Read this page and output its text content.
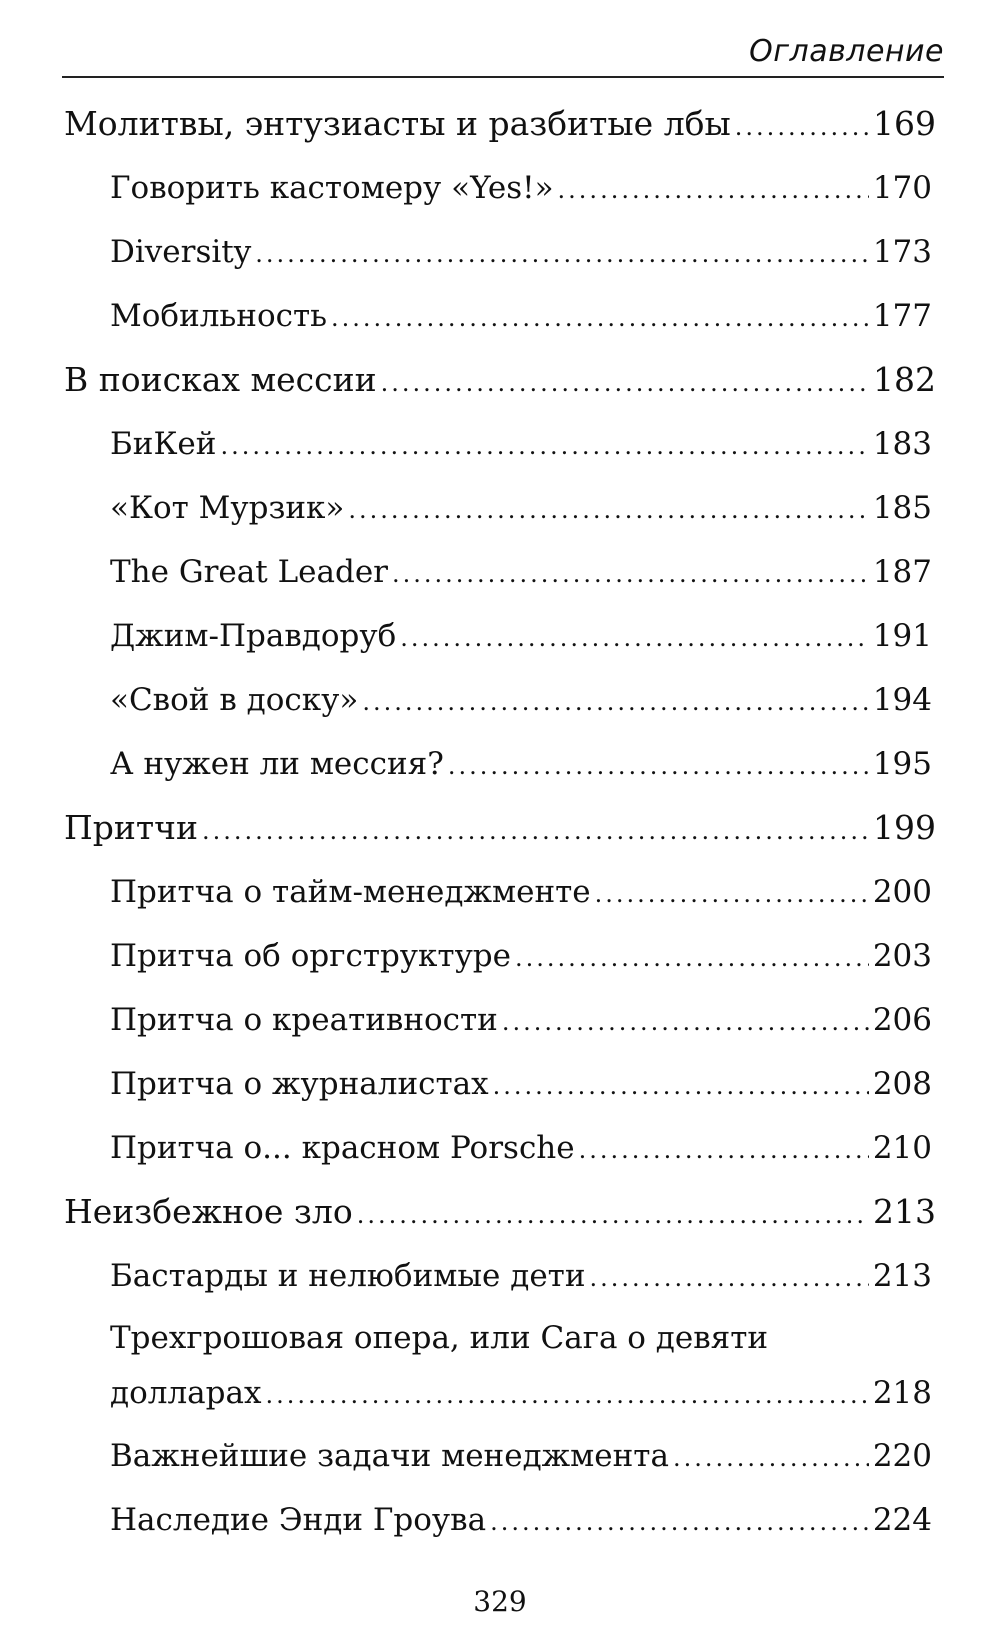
Оглавление
Молитвы, энтузиасты и разбитые лбы .....	169
Говорить кастомеру «Yes!» .....	170
Diversity .....	173
Мобильность .....	177
В поисках мессии .....	182
БиКей .....	183
«Кот Мурзик» .....	185
The Great Leader .....	187
Джим-Правдоруб .....	191
«Свой в доску» .....	194
А нужен ли мессия? .....	195
Притчи .....	199
Притча о тайм-менеджменте .....	200
Притча об оргструктуре .....	203
Притча о креативности .....	206
Притча о журналистах .....	208
Притча о... красном Porsche .....	210
Неизбежное зло .....	213
Бастарды и нелюбимые дети .....	213
Трехгрошовая опера, или Сага о девяти
долларах .....	218
Важнейшие задачи менеджмента .....	220
Наследие Энди Гроува .....	224
329
